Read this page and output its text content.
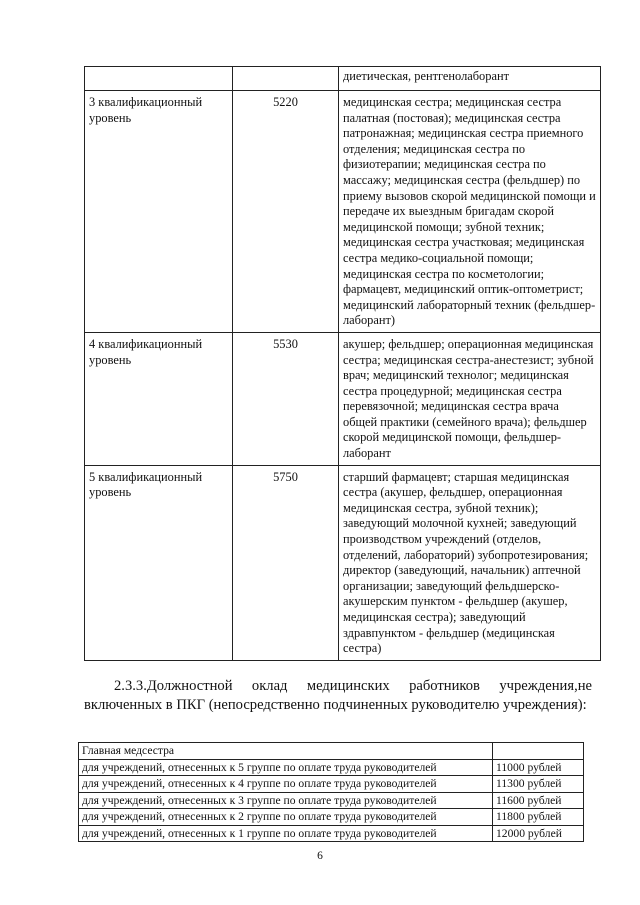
		диетическая, рентгенолаборант
3 квалификационный уровень	5220	медицинская сестра; медицинская сестра палатная (постовая); медицинская сестра патронажная; медицинская сестра приемного отделения; медицинская сестра по физиотерапии; медицинская сестра по массажу; медицинская сестра (фельдшер) по приему вызовов скорой медицинской помощи и передаче их выездным бригадам скорой медицинской помощи; зубной техник; медицинская сестра участковая; медицинская сестра медико-социальной помощи; медицинская сестра по косметологии; фармацевт, медицинский оптик-оптометрист; медицинский лабораторный техник (фельдшер-лаборант)
4 квалификационный уровень	5530	акушер; фельдшер; операционная медицинская сестра; медицинская сестра-анестезист; зубной врач; медицинский технолог; медицинская сестра процедурной; медицинская сестра перевязочной; медицинская сестра врача общей практики (семейного врача); фельдшер скорой медицинской помощи, фельдшер-лаборант
5 квалификационный уровень	5750	старший фармацевт; старшая медицинская сестра (акушер, фельдшер, операционная медицинская сестра, зубной техник); заведующий молочной кухней; заведующий производством учреждений (отделов, отделений, лабораторий) зубопротезирования; директор (заведующий, начальник) аптечной организации; заведующий фельдшерско-акушерским пунктом - фельдшер (акушер, медицинская сестра); заведующий здравпунктом - фельдшер (медицинская сестра)

2.3.3.Должностной оклад медицинских работников учреждения,не включенных в ПКГ (непосредственно подчиненных руководителю учреждения):

Главная медсестра	
для учреждений, отнесенных к 5 группе по оплате труда руководителей	11000 рублей
для учреждений, отнесенных к 4 группе по оплате труда руководителей	11300 рублей
для учреждений, отнесенных к 3 группе по оплате труда руководителей	11600 рублей
для учреждений, отнесенных к 2 группе по оплате труда руководителей	11800 рублей
для учреждений, отнесенных к 1 группе по оплате труда руководителей	12000 рублей
6
